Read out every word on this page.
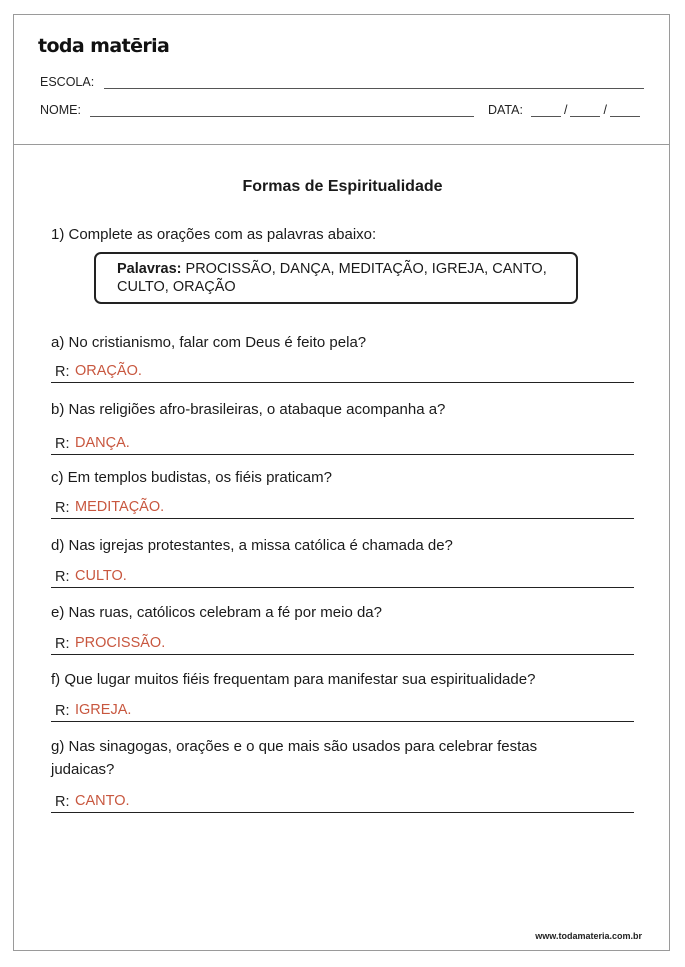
toda matēria
ESCOLA:
NOME:	DATA:	/	/
Formas de Espiritualidade
1) Complete as orações com as palavras abaixo:
Palavras: PROCISSÃO, DANÇA, MEDITAÇÃO, IGREJA, CANTO,
CULTO, ORAÇÃO
a) No cristianismo, falar com Deus é feito pela?
R: ORAÇÃO.
b) Nas religiões afro-brasileiras, o atabaque acompanha a?
R: DANÇA.
c) Em templos budistas, os fiéis praticam?
R: MEDITAÇÃO.
d) Nas igrejas protestantes, a missa católica é chamada de?
R: CULTO.
e) Nas ruas, católicos celebram a fé por meio da?
R: PROCISSÃO.
f) Que lugar muitos fiéis frequentam para manifestar sua espiritualidade?
R: IGREJA.
g) Nas sinagogas, orações e o que mais são usados para celebrar festas judaicas?
R: CANTO.
www.todamateria.com.br
